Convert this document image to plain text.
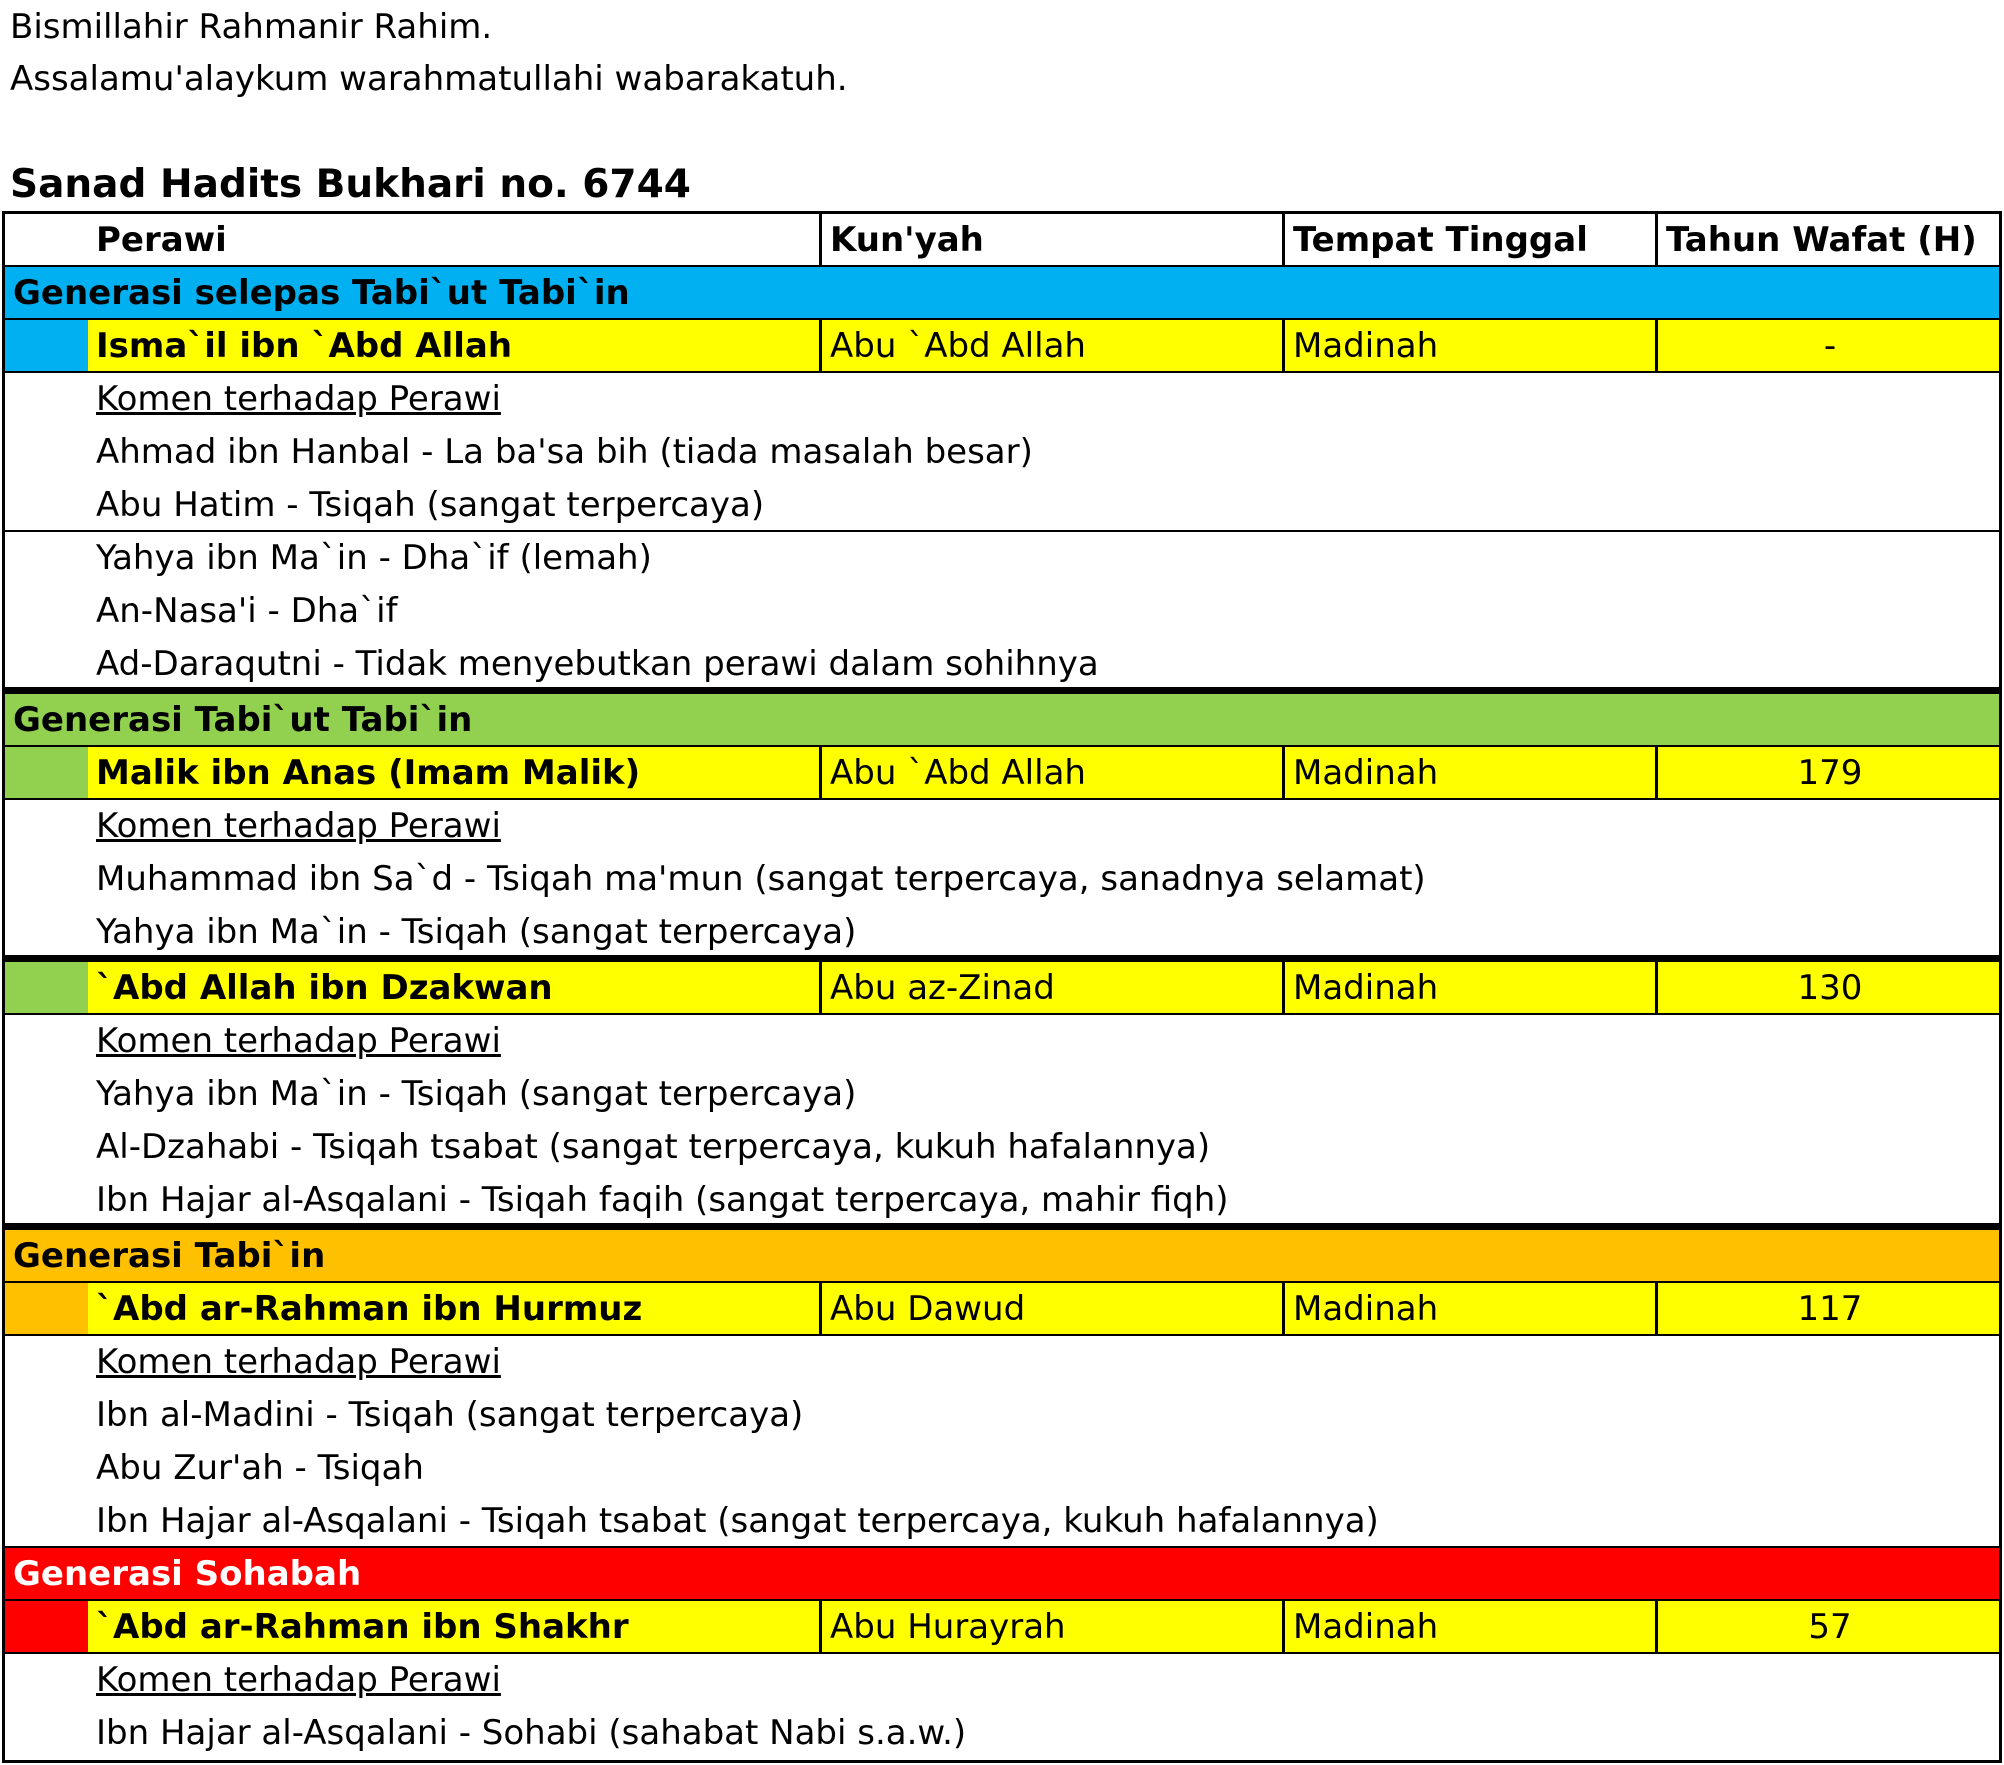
Bismillahir Rahmanir Rahim.
Assalamu'alaykum warahmatullahi wabarakatuh.
Sanad Hadits Bukhari no. 6744
Perawi	Kun'yah	Tempat Tinggal	Tahun Wafat (H)
Generasi selepas Tabi`ut Tabi`in
Isma`il ibn `Abd Allah	Abu `Abd Allah	Madinah	-
Komen terhadap Perawi
Ahmad ibn Hanbal - La ba'sa bih (tiada masalah besar)
Abu Hatim - Tsiqah (sangat terpercaya)
Yahya ibn Ma`in - Dha`if (lemah)
An-Nasa'i - Dha`if
Ad-Daraqutni - Tidak menyebutkan perawi dalam sohihnya
Generasi Tabi`ut Tabi`in
Malik ibn Anas (Imam Malik)	Abu `Abd Allah	Madinah	179
Komen terhadap Perawi
Muhammad ibn Sa`d - Tsiqah ma'mun (sangat terpercaya, sanadnya selamat)
Yahya ibn Ma`in - Tsiqah (sangat terpercaya)
`Abd Allah ibn Dzakwan	Abu az-Zinad	Madinah	130
Komen terhadap Perawi
Yahya ibn Ma`in - Tsiqah (sangat terpercaya)
Al-Dzahabi - Tsiqah tsabat (sangat terpercaya, kukuh hafalannya)
Ibn Hajar al-Asqalani - Tsiqah faqih (sangat terpercaya, mahir fiqh)
Generasi Tabi`in
`Abd ar-Rahman ibn Hurmuz	Abu Dawud	Madinah	117
Komen terhadap Perawi
Ibn al-Madini - Tsiqah (sangat terpercaya)
Abu Zur'ah - Tsiqah
Ibn Hajar al-Asqalani - Tsiqah tsabat (sangat terpercaya, kukuh hafalannya)
Generasi Sohabah
`Abd ar-Rahman ibn Shakhr	Abu Hurayrah	Madinah	57
Komen terhadap Perawi
Ibn Hajar al-Asqalani - Sohabi (sahabat Nabi s.a.w.)
